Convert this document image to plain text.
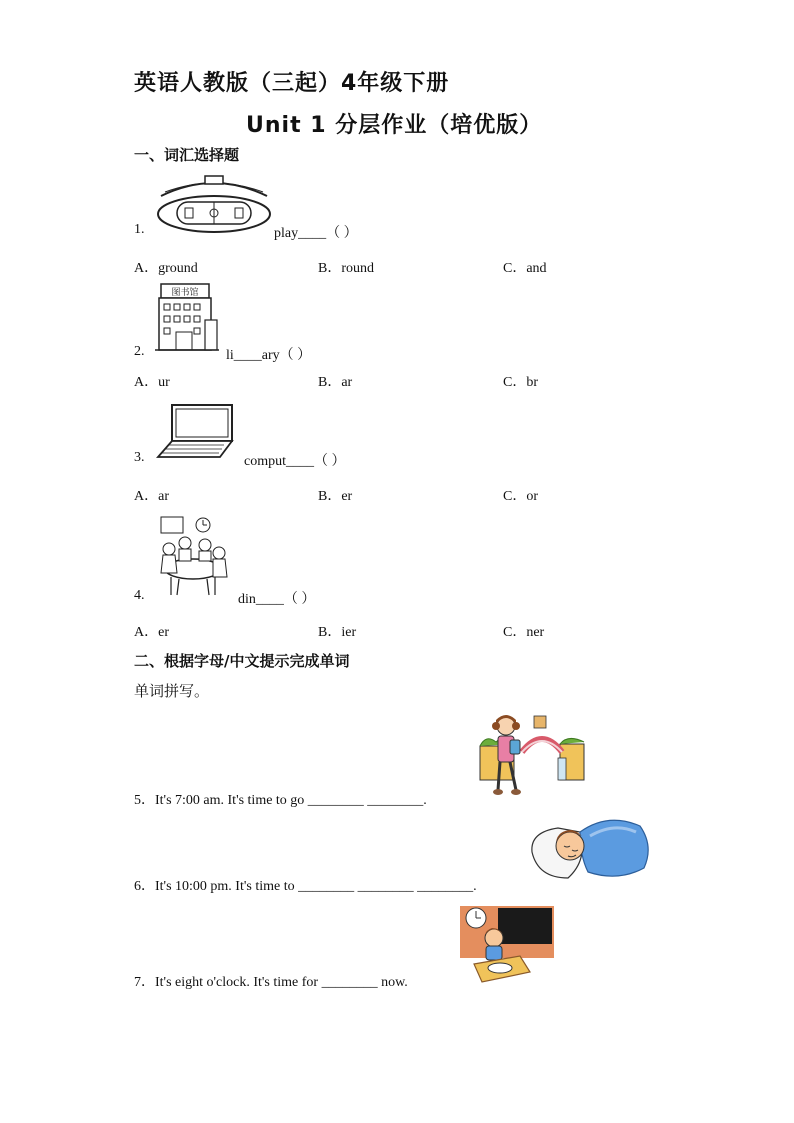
英语人教版（三起）4年级下册
Unit 1 分层作业（培优版）
一、词汇选择题
1.	play____（ ）
A．ground	B．round	C．and
图书馆
2.	li____ary（ ）
A．ur	B．ar	C．br
3.	comput____（ ）
A．ar	B．er	C．or
4.	din____（ ）
A．er	B．ier	C．ner
二、根据字母/中文提示完成单词
单词拼写。
5．It's 7:00 am. It's time to go ________ ________.
6．It's 10:00 pm. It's time to ________ ________ ________.
7．It's eight o'clock. It's time for ________ now.
